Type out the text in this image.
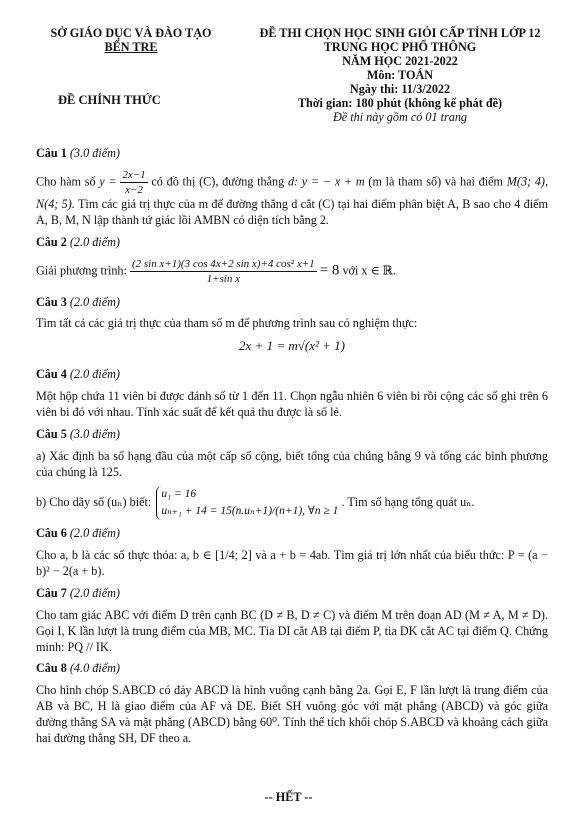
SỞ GIÁO DỤC VÀ ĐÀO TẠO
BẾN TRE
ĐỀ THI CHỌN HỌC SINH GIỎI CẤP TỈNH LỚP 12
TRUNG HỌC PHỔ THÔNG
NĂM HỌC 2021-2022
Môn: TOÁN
Ngày thi: 11/3/2022
Thời gian: 180 phút (không kể phát đề)
Đề thi này gồm có 01 trang
ĐỀ CHÍNH THỨC
Câu 1 (3.0 điểm)
Cho hàm số $y = \frac{2x-1}{x-2}$ có đồ thị (C), đường thẳng d: y = − x + m (m là tham số) và hai điểm M(3; 4), N(4; 5). Tìm các giá trị thực của m để đường thẳng d cắt (C) tại hai điểm phân biệt A, B sao cho 4 điểm A, B, M, N lập thành tứ giác lồi AMBN có diện tích bằng 2.
Câu 2 (2.0 điểm)
Giải phương trình: $\frac{\text{(2 sin x+1)(3 cos 4x+2 sin x)+4 cos² x+1}}{\text{1+sin x}} = 8$ với x ∈ ℝ.
Câu 3 (2.0 điểm)
Tìm tất cả các giá trị thực của tham số m để phương trình sau có nghiệm thực:
2x + 1 = m√(x² + 1)
Câu 4 (2.0 điểm)
Một hộp chứa 11 viên bi được đánh số từ 1 đến 11. Chọn ngẫu nhiên 6 viên bi rồi cộng các số ghi trên 6 viên bi đó với nhau. Tính xác suất để kết quả thu được là số lẻ.
Câu 5 (3.0 điểm)
a) Xác định ba số hạng đầu của một cấp số cộng, biết tổng của chúng bằng 9 và tổng các bình phương của chúng là 125.
b) Cho dãy số (uₙ) biết:
u₁ = 16
uₙ₊₁ + 14 = 15(n.uₙ+1)/(n+1), ∀n ≥ 1
. Tìm số hạng tổng quát uₙ.
Câu 6 (2.0 điểm)
Cho a, b là các số thực thỏa: a, b ∈ [1/4; 2] và a + b = 4ab. Tìm giá trị lớn nhất của biểu thức: P = (a − b)² − 2(a + b).
Câu 7 (2.0 điểm)
Cho tam giác ABC với điểm D trên cạnh BC (D ≠ B, D ≠ C) và điểm M trên đoạn AD (M ≠ A, M ≠ D). Gọi I, K lần lượt là trung điểm của MB, MC. Tia DI cắt AB tại điểm P, tia DK cắt AC tại điểm Q. Chứng minh: PQ // IK.
Câu 8 (4.0 điểm)
Cho hình chóp S.ABCD có đáy ABCD là hình vuông cạnh bằng 2a. Gọi E, F lần lượt là trung điểm của AB và BC, H là giao điểm của AF và DE. Biết SH vuông góc với mặt phẳng (ABCD) và góc giữa đường thẳng SA và mặt phẳng (ABCD) bằng 60⁰. Tính thể tích khối chóp S.ABCD và khoảng cách giữa hai đường thẳng SH, DF theo a.
-- HẾT --
